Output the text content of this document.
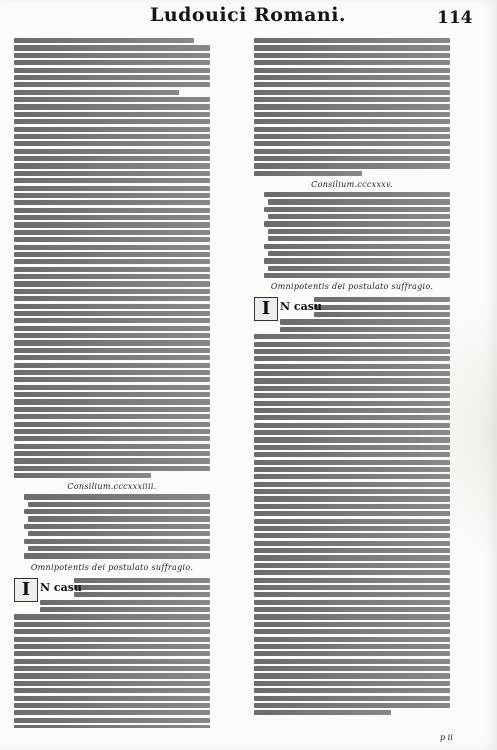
Ludouici Romani.	114
Consilium.cccxxxiiii.
Omnipotentis dei postulato suffragio.
I N casu
Consilium.cccxxxv.
Omnipotentis dei postulato suffragio.
I N casu
p ii
